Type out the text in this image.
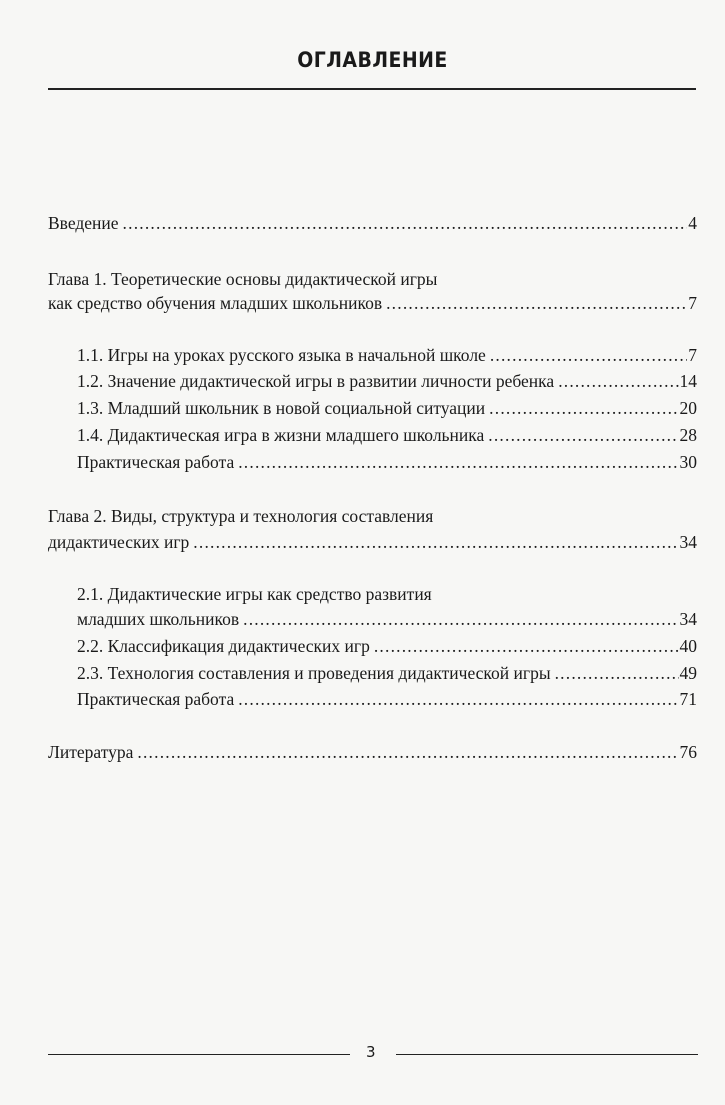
ОГЛАВЛЕНИЕ
Введение .....	4
Глава 1. Теоретические основы дидактической игры
как средство обучения младших школьников .....	7
1.1. Игры на уроках русского языка в начальной школе .....	7
1.2. Значение дидактической игры в развитии личности ребенка .....	14
1.3. Младший школьник в новой социальной ситуации .....	20
1.4. Дидактическая игра в жизни младшего школьника .....	28
Практическая работа .....	30
Глава 2. Виды, структура и технология составления
дидактических игр .....	34
2.1. Дидактические игры как средство развития
младших школьников .....	34
2.2. Классификация дидактических игр .....	40
2.3. Технология составления и проведения дидактической игры .....	49
Практическая работа .....	71
Литература .....	76
3
